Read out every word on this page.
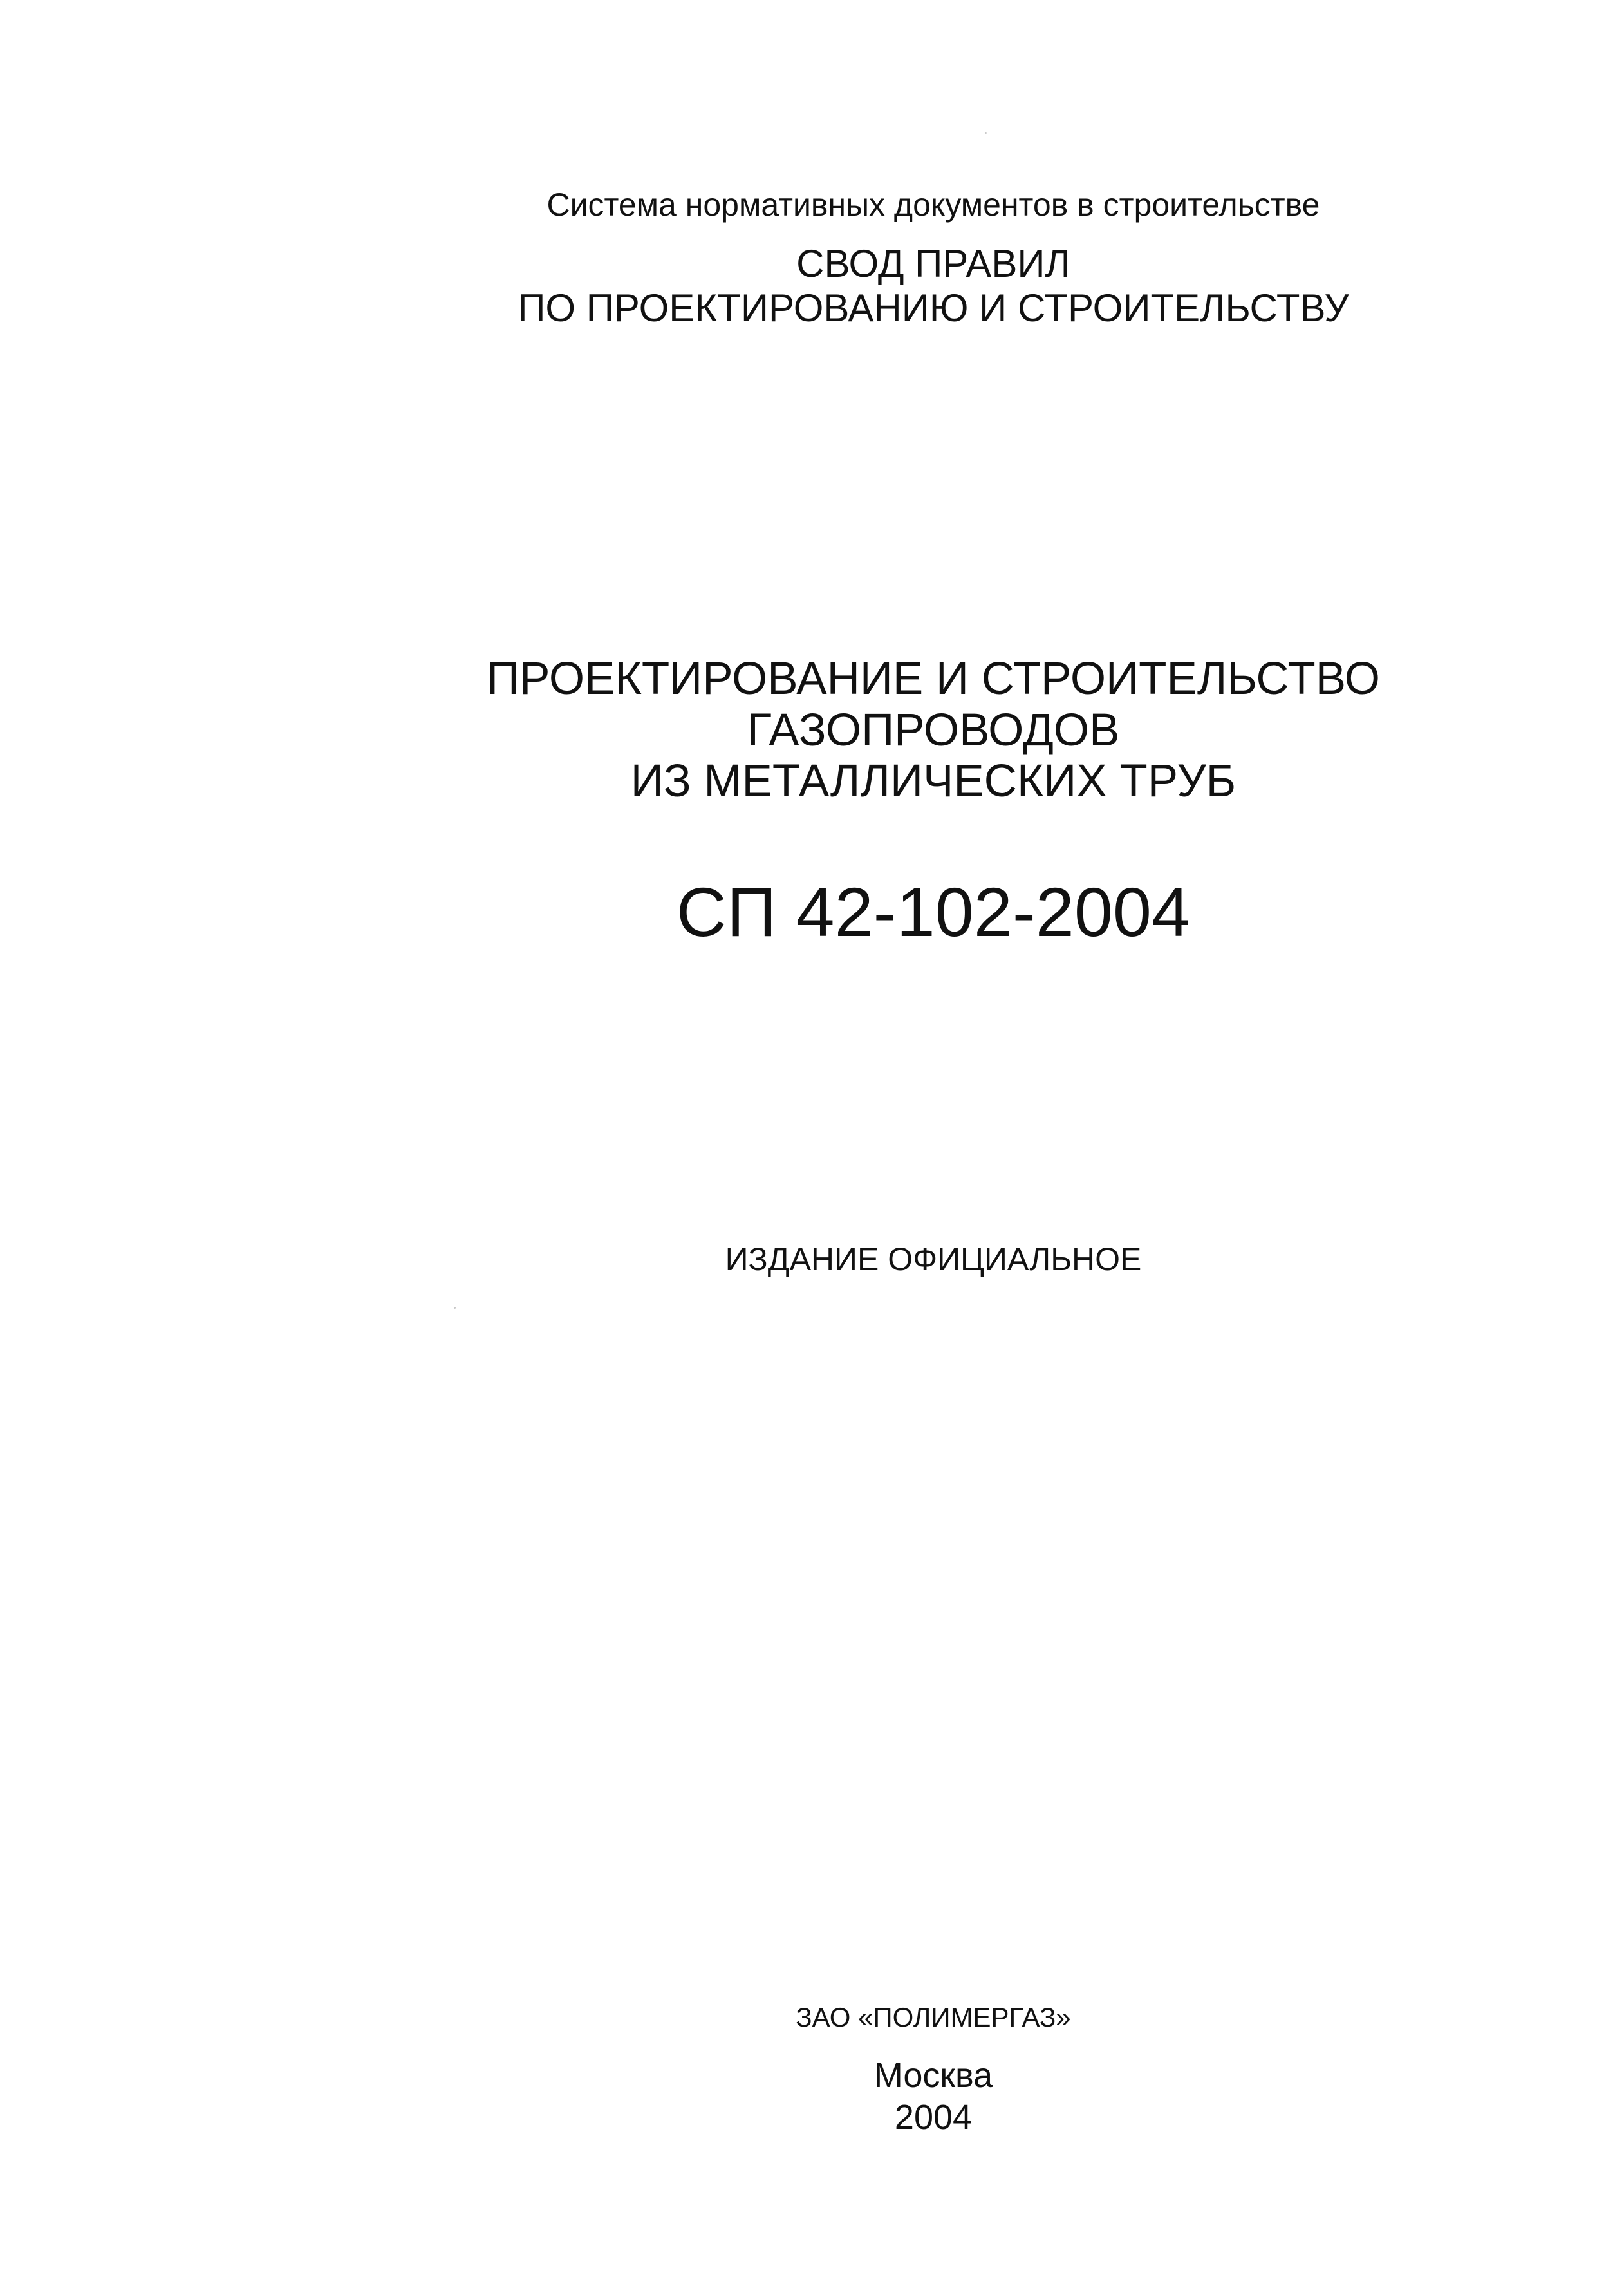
Система нормативных документов в строительстве
СВОД ПРАВИЛ
ПО ПРОЕКТИРОВАНИЮ И СТРОИТЕЛЬСТВУ
ПРОЕКТИРОВАНИЕ И СТРОИТЕЛЬСТВО
ГАЗОПРОВОДОВ
ИЗ МЕТАЛЛИЧЕСКИХ ТРУБ
СП 42-102-2004
ИЗДАНИЕ ОФИЦИАЛЬНОЕ
ЗАО «ПОЛИМЕРГАЗ»
Москва
2004
